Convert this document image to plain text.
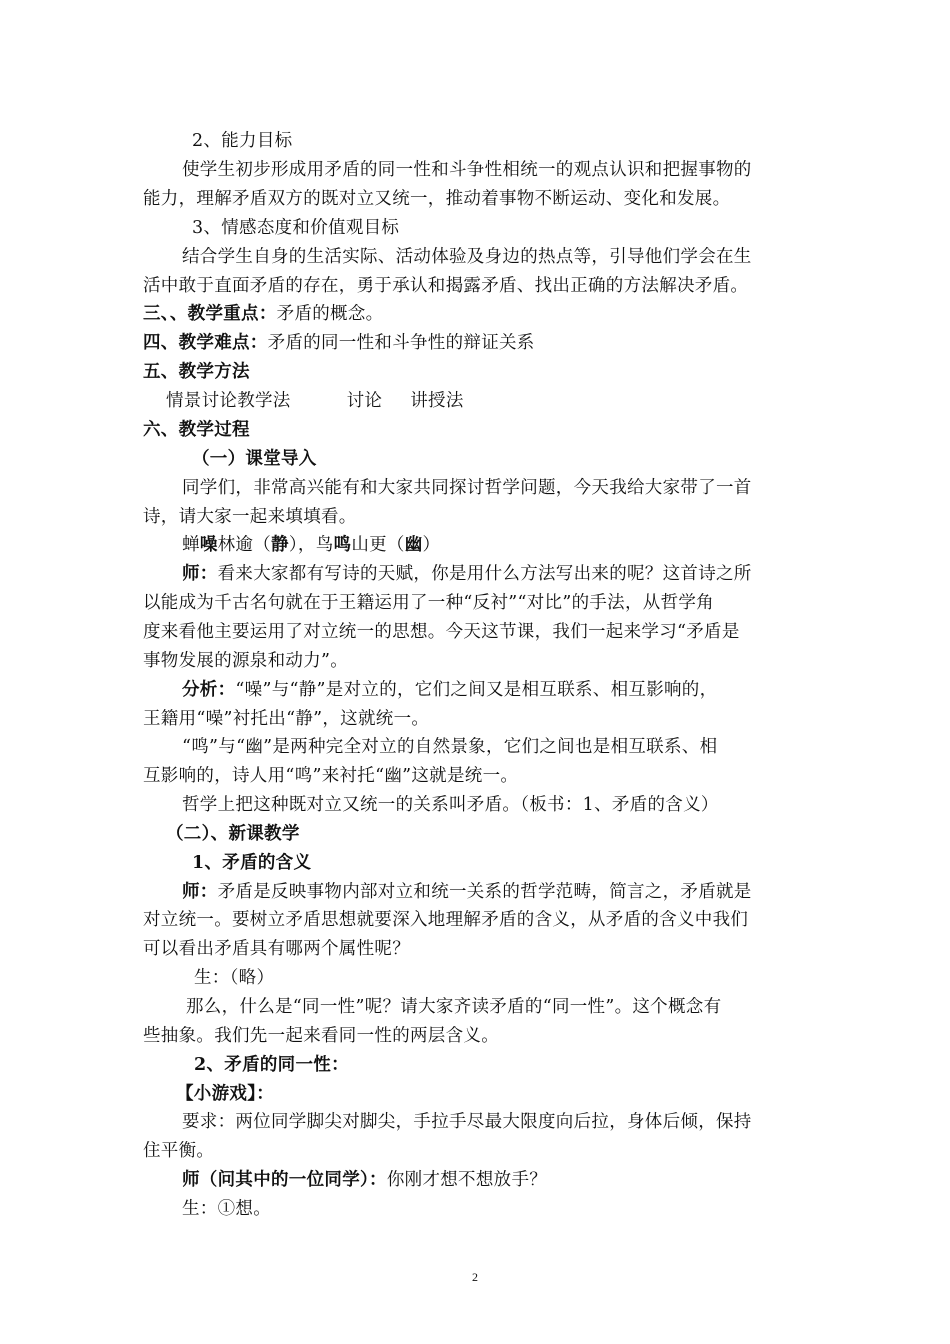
2、能力目标
使学生初步形成用矛盾的同一性和斗争性相统一的观点认识和把握事物的
能力，理解矛盾双方的既对立又统一，推动着事物不断运动、变化和发展。
3、情感态度和价值观目标
结合学生自身的生活实际、活动体验及身边的热点等，引导他们学会在生
活中敢于直面矛盾的存在，勇于承认和揭露矛盾、找出正确的方法解决矛盾。
三、、教学重点：矛盾的概念。
四、教学难点：矛盾的同一性和斗争性的辩证关系
五、教学方法
情景讨论教学法	讨论 讲授法
六、教学过程
（一）课堂导入
同学们，非常高兴能有和大家共同探讨哲学问题，今天我给大家带了一首
诗，请大家一起来填填看。
蝉噪林逾（静），鸟鸣山更（幽）
师：看来大家都有写诗的天赋，你是用什么方法写出来的呢？这首诗之所
以能成为千古名句就在于王籍运用了一种“反衬”“对比”的手法，从哲学角
度来看他主要运用了对立统一的思想。今天这节课，我们一起来学习“矛盾是
事物发展的源泉和动力”。
分析：“噪”与“静”是对立的，它们之间又是相互联系、相互影响的，
王籍用“噪”衬托出“静”，这就统一。
“鸣”与“幽”是两种完全对立的自然景象，它们之间也是相互联系、相
互影响的，诗人用“鸣”来衬托“幽”这就是统一。
哲学上把这种既对立又统一的关系叫矛盾。（板书：1、矛盾的含义）
（二）、新课教学
1、矛盾的含义
师：矛盾是反映事物内部对立和统一关系的哲学范畴，简言之，矛盾就是
对立统一。要树立矛盾思想就要深入地理解矛盾的含义，从矛盾的含义中我们
可以看出矛盾具有哪两个属性呢？
生：（略）
那么，什么是“同一性”呢？请大家齐读矛盾的“同一性”。这个概念有
些抽象。我们先一起来看同一性的两层含义。
2、矛盾的同一性：
【小游戏】：
要求：两位同学脚尖对脚尖，手拉手尽最大限度向后拉，身体后倾，保持
住平衡。
师（问其中的一位同学）：你刚才想不想放手？
生：①想。
2
